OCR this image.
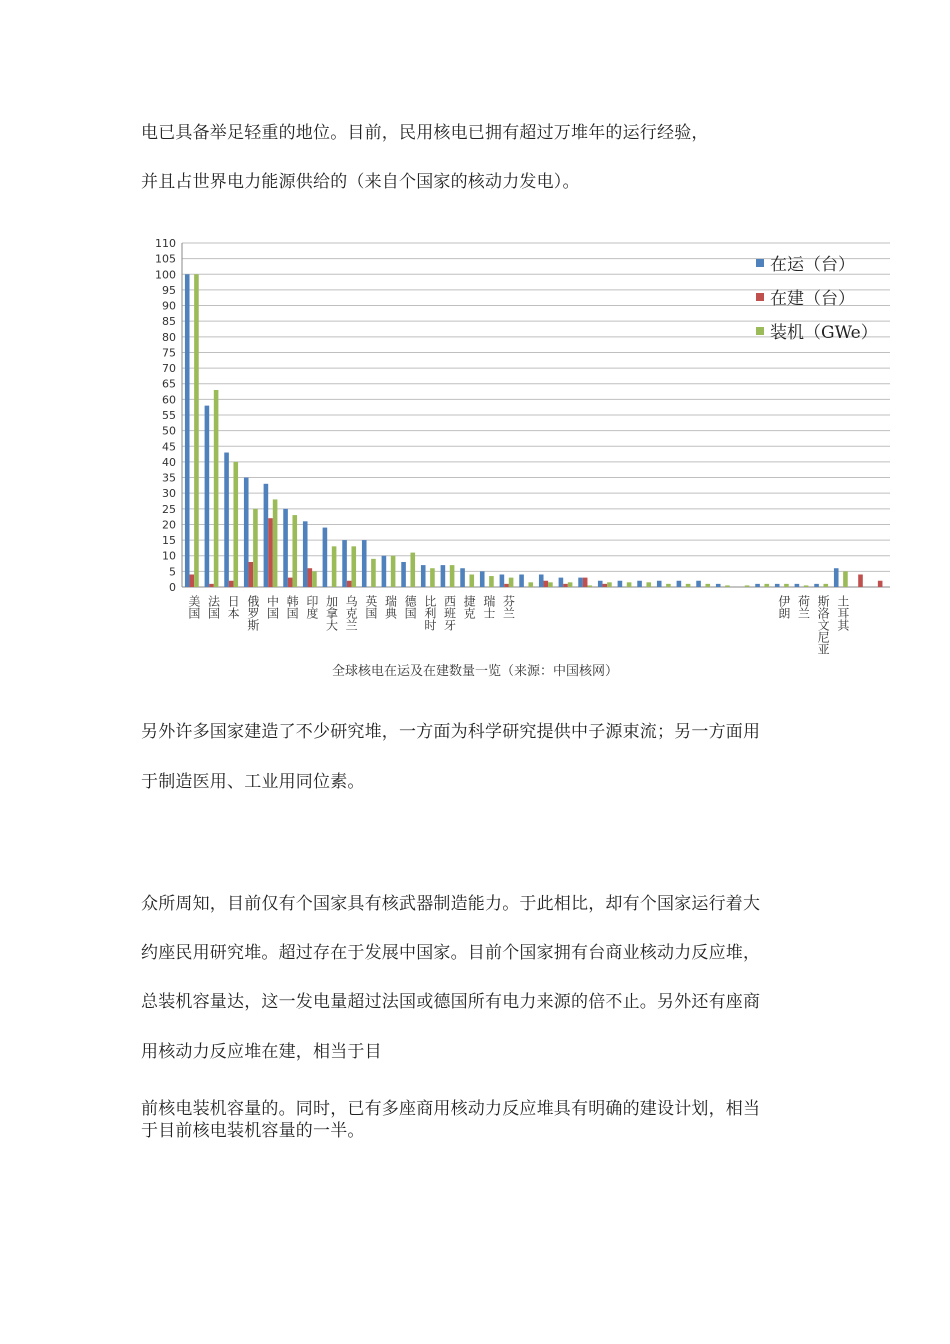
电已具备举足轻重的地位。目前，民用核电已拥有超过万堆年的运行经验，
并且占世界电力能源供给的（来自个国家的核动力发电）。
0
5
10
15
20
25
30
35
40
45
50
55
60
65
70
75
80
85
90
95
100
105
110
美国 法国 日本 俄罗斯 中国 韩国 印度 加拿大 乌克兰 英国 瑞典 德国 比利时 西班牙 捷克 瑞士 芬兰	伊朗 荷兰 斯洛文尼亚 土耳其
在运（台）
在建（台）
装机（GWe）
全球核电在运及在建数量一览（来源：中国核网）
另外许多国家建造了不少研究堆，一方面为科学研究提供中子源束流；另一方面用
于制造医用、工业用同位素。
众所周知，目前仅有个国家具有核武器制造能力。于此相比，却有个国家运行着大
约座民用研究堆。超过存在于发展中国家。目前个国家拥有台商业核动力反应堆，
总装机容量达，这一发电量超过法国或德国所有电力来源的倍不止。另外还有座商
用核动力反应堆在建，相当于目
前核电装机容量的。同时，已有多座商用核动力反应堆具有明确的建设计划，相当
于目前核电装机容量的一半。
